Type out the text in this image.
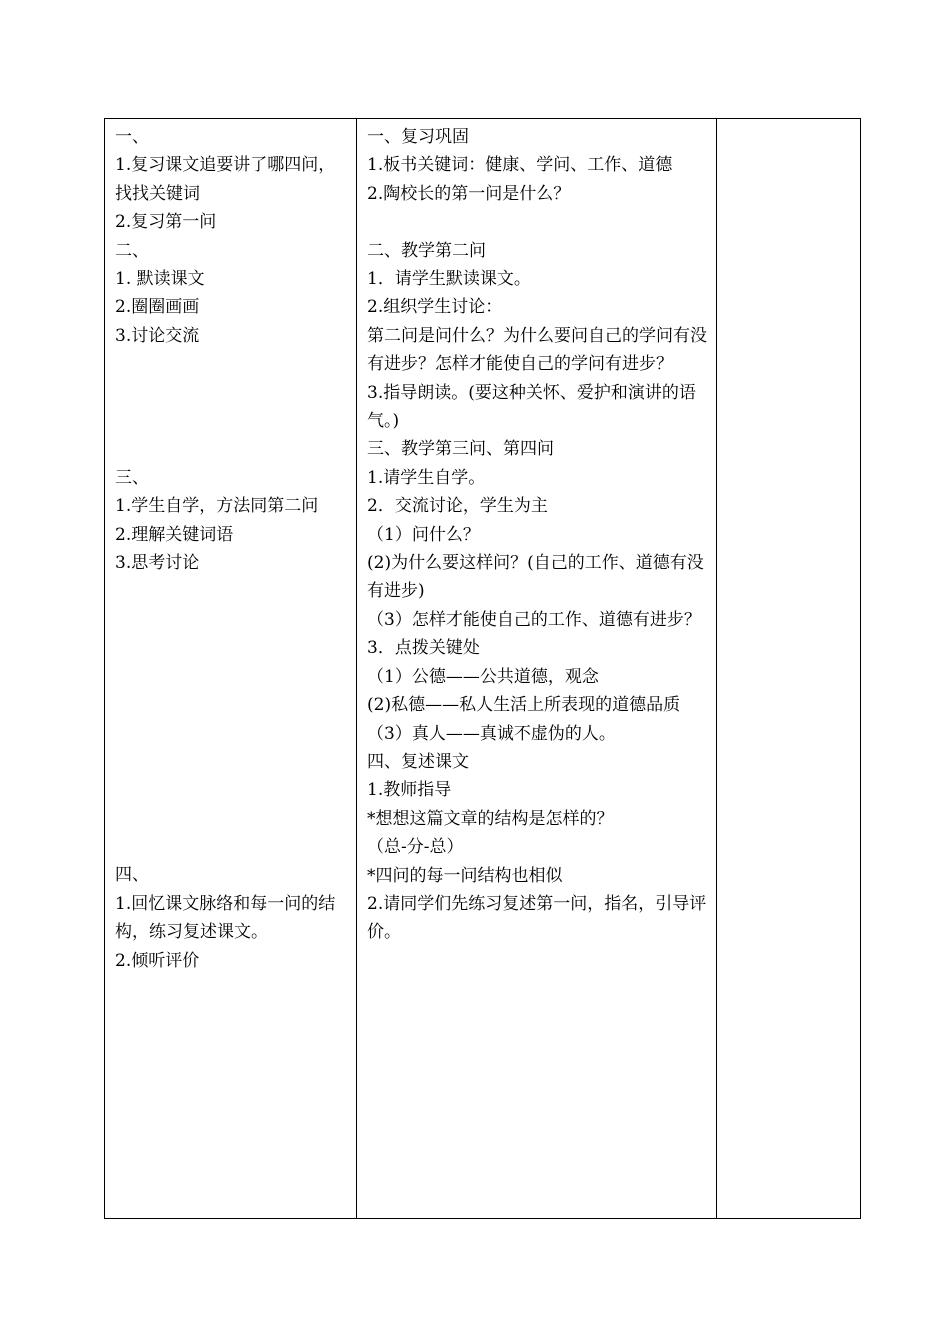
一、
1.复习课文追要讲了哪四问，找找关键词
2.复习第一问
二、
1. 默读课文
2.圈圈画画
3.讨论交流
三、
1.学生自学，方法同第二问
2.理解关键词语
3.思考讨论
四、
1.回忆课文脉络和每一问的结构，练习复述课文。
2.倾听评价

一、复习巩固
1.板书关键词：健康、学问、工作、道德
2.陶校长的第一问是什么？
二、教学第二问
1．请学生默读课文。
2.组织学生讨论：
第二问是问什么？为什么要问自己的学问有没有进步？怎样才能使自己的学问有进步？
3.指导朗读。(要这种关怀、爱护和演讲的语气。)
三、教学第三问、第四问
1.请学生自学。
2．交流讨论，学生为主
（1）问什么？
(2)为什么要这样问？(自己的工作、道德有没有进步)
（3）怎样才能使自己的工作、道德有进步？
3．点拨关键处
（1）公德——公共道德，观念
(2)私德——私人生活上所表现的道德品质
（3）真人——真诚不虚伪的人。
四、复述课文
1.教师指导
*想想这篇文章的结构是怎样的？
（总-分-总）
*四问的每一问结构也相似
2.请同学们先练习复述第一问，指名，引导评价。
